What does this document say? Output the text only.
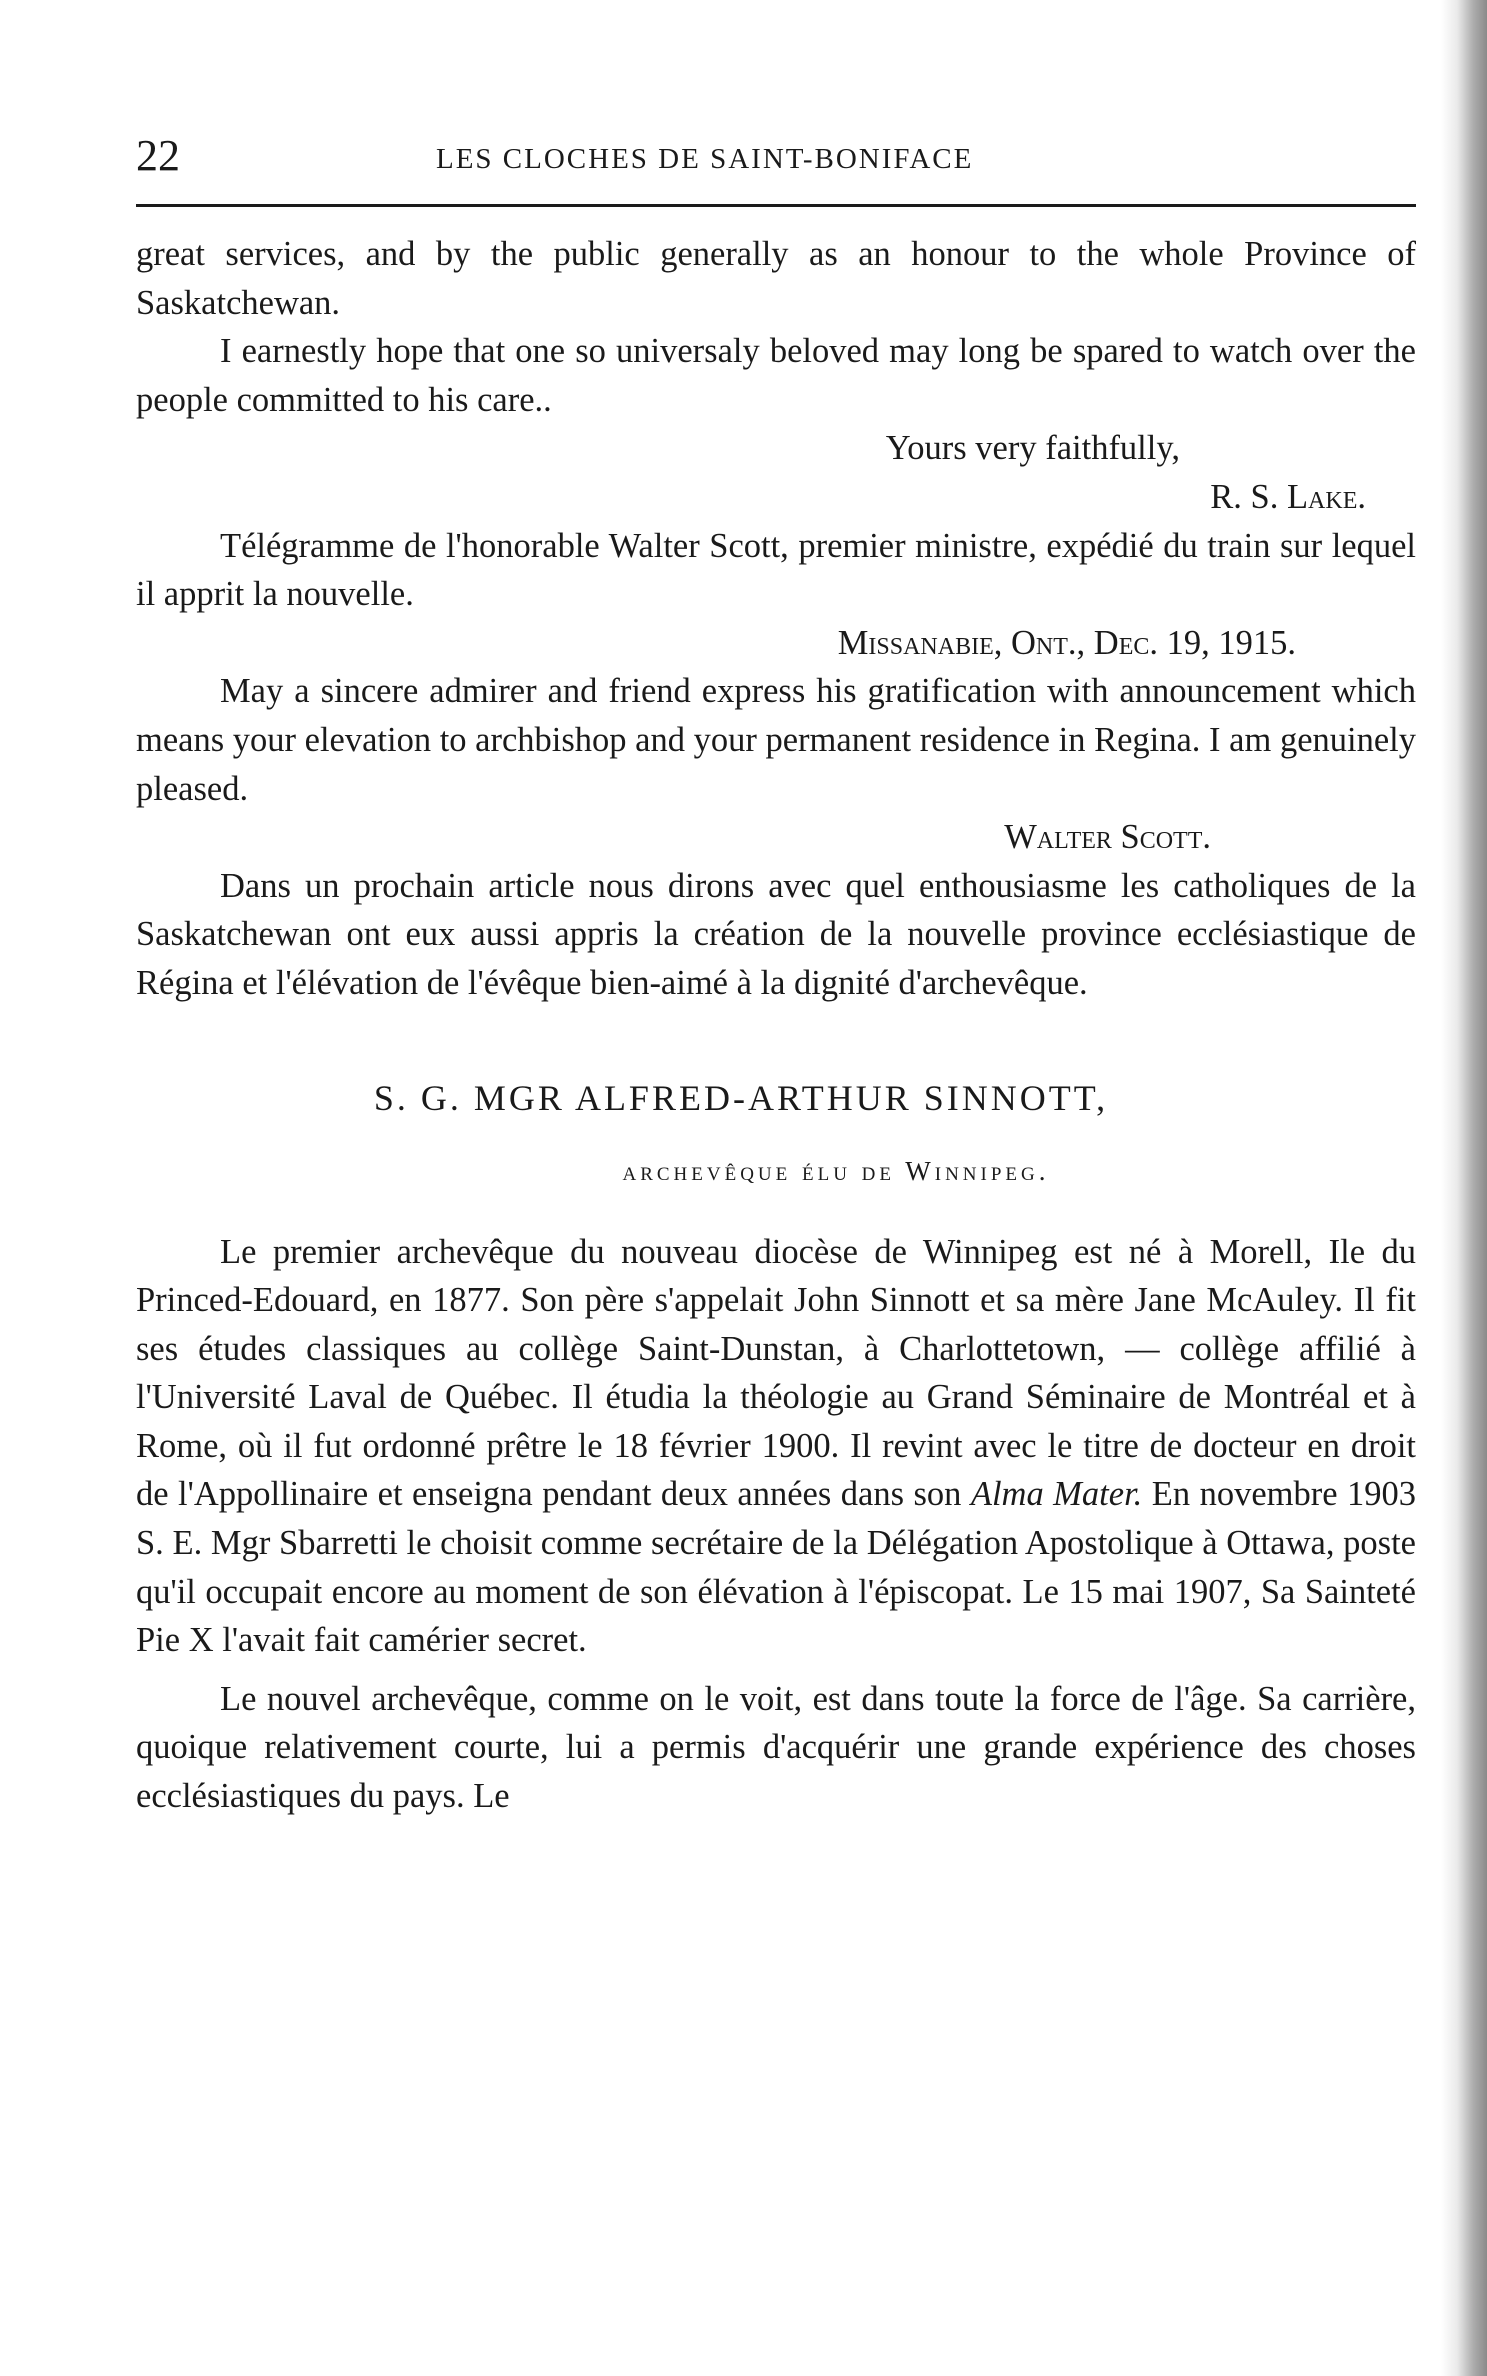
22	LES CLOCHES DE SAINT-BONIFACE

great services, and by the public generally as an honour to the whole Province of Saskatchewan.

I earnestly hope that one so universaly beloved may long be spared to watch over the people committed to his care..

Yours very faithfully,

R. S. Lake.

Télégramme de l'honorable Walter Scott, premier ministre, expédié du train sur lequel il apprit la nouvelle.

Missanabie, Ont., Dec. 19, 1915.

May a sincere admirer and friend express his gratification with announcement which means your elevation to archbishop and your permanent residence in Regina. I am genuinely pleased.

Walter Scott.

Dans un prochain article nous dirons avec quel enthousiasme les catholiques de la Saskatchewan ont eux aussi appris la création de la nouvelle province ecclésiastique de Régina et l'élévation de l'évêque bien-aimé à la dignité d'archevêque.

S. G. MGR ALFRED-ARTHUR SINNOTT,

archevêque élu de Winnipeg.

Le premier archevêque du nouveau diocèse de Winnipeg est né à Morell, Ile du Princed-Edouard, en 1877. Son père s'appelait John Sinnott et sa mère Jane McAuley. Il fit ses études classiques au collège Saint-Dunstan, à Charlottetown, — collège affilié à l'Université Laval de Québec. Il étudia la théologie au Grand Séminaire de Montréal et à Rome, où il fut ordonné prêtre le 18 février 1900. Il revint avec le titre de docteur en droit de l'Appollinaire et enseigna pendant deux années dans son Alma Mater. En novembre 1903 S. E. Mgr Sbarretti le choisit comme secrétaire de la Délégation Apostolique à Ottawa, poste qu'il occupait encore au moment de son élévation à l'épiscopat. Le 15 mai 1907, Sa Sainteté Pie X l'avait fait camérier secret.

Le nouvel archevêque, comme on le voit, est dans toute la force de l'âge. Sa carrière, quoique relativement courte, lui a permis d'acquérir une grande expérience des choses ecclésiastiques du pays. Le
